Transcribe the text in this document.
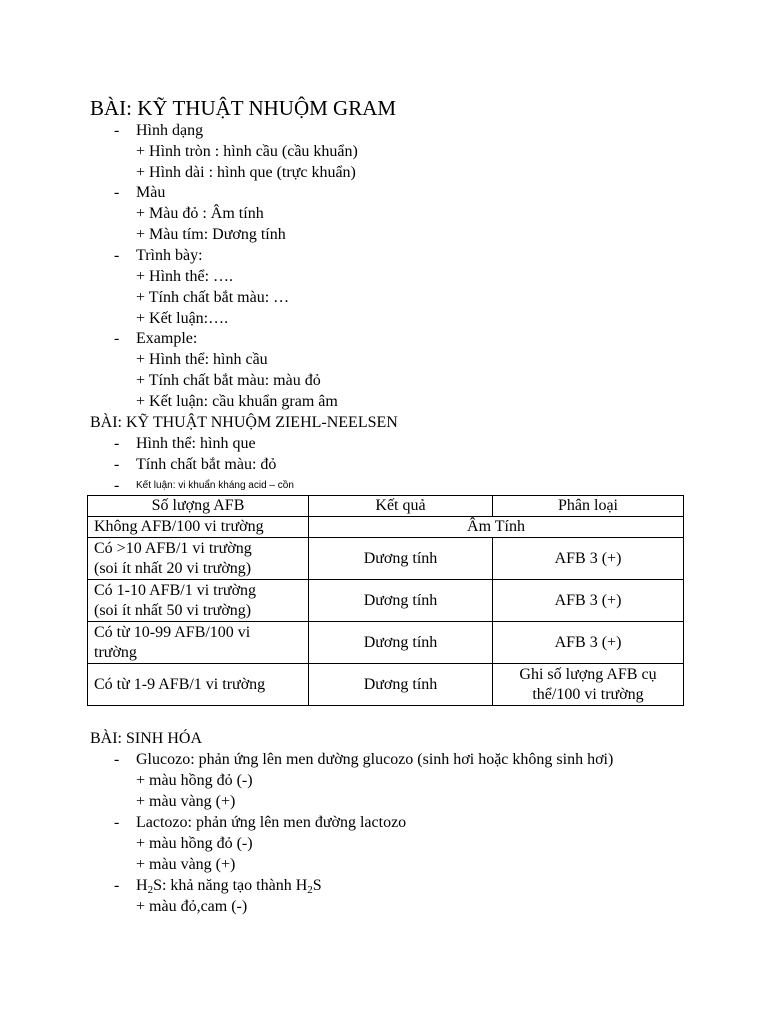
BÀI: KỸ THUẬT NHUỘM GRAM
- Hình dạng
+ Hình tròn : hình cầu (cầu khuẩn)
+ Hình dài : hình que (trực khuẩn)
- Màu
+ Màu đỏ : Âm tính
+ Màu tím: Dương tính
- Trình bày:
+ Hình thể: ….
+ Tính chất bắt màu: …
+ Kết luận:….
- Example:
+ Hình thể: hình cầu
+ Tính chất bắt màu: màu đỏ
+ Kết luận: cầu khuẩn gram âm
BÀI: KỸ THUẬT NHUỘM ZIEHL-NEELSEN
- Hình thể: hình que
- Tính chất bắt màu: đỏ
- Kết luận: vi khuẩn kháng acid – cồn
Số lượng AFB	Kết quả	Phân loại
Không AFB/100 vi trường	Âm Tính	

Có >10 AFB/1 vi trường
(soi ít nhất 20 vi trường)	Dương tính	AFB 3 (+)

Có 1-10 AFB/1 vi trường
(soi ít nhất 50 vi trường)	Dương tính	AFB 3 (+)

Có từ 10-99 AFB/100 vi
trường	Dương tính	AFB 3 (+)
Có từ 1-9 AFB/1 vi trường	Dương tính	Ghi số lượng AFB cụ
thể/100 vi trường
BÀI: SINH HÓA
- Glucozo: phản ứng lên men dường glucozo (sinh hơi hoặc không sinh hơi)
+ màu hồng đỏ (-)
+ màu vàng (+)
- Lactozo: phản ứng lên men đường lactozo
+ màu hồng đỏ (-)
+ màu vàng (+)
- $H_2S$: khả năng tạo thành $H_2S$
+ màu đỏ,cam (-)
